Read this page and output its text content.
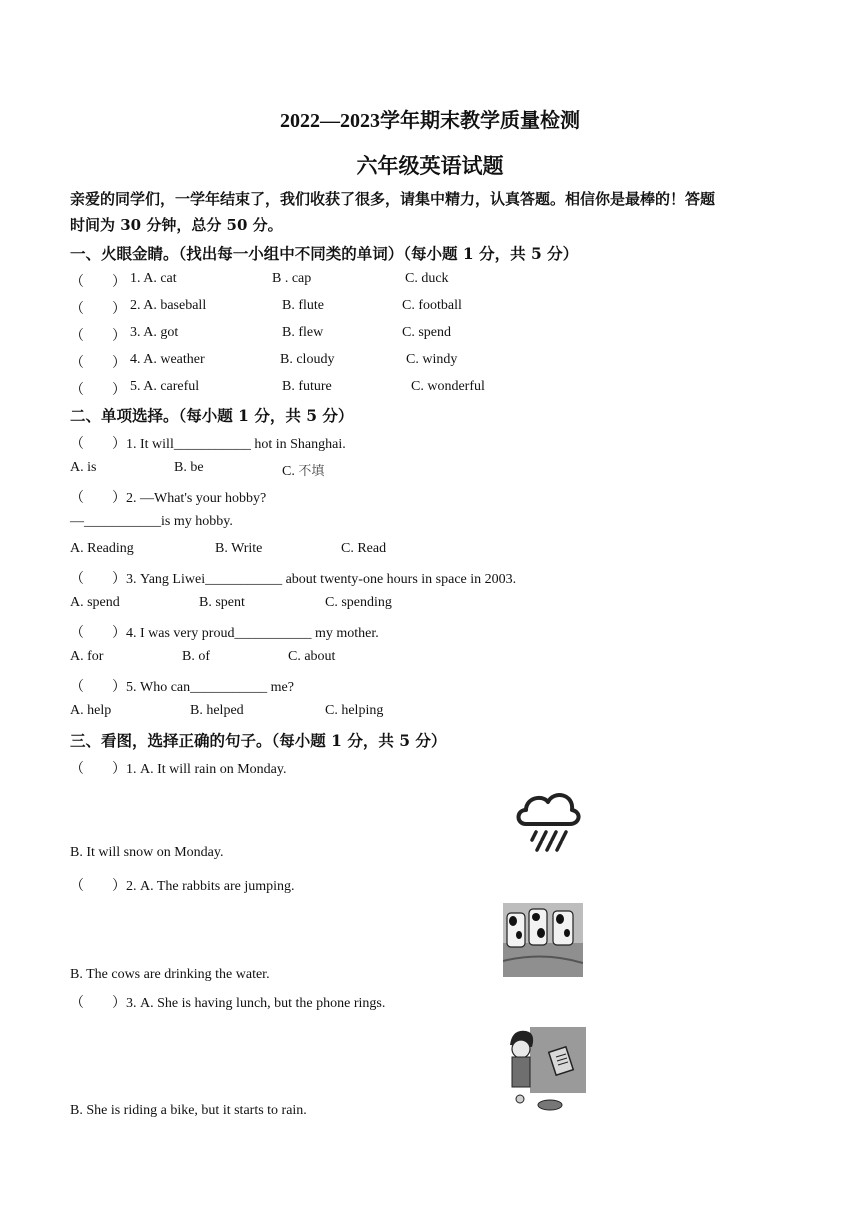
2022—2023学年期末教学质量检测
六年级英语试题
亲爱的同学们，一学年结束了，我们收获了很多，请集中精力，认真答题。相信你是最棒的！答题
时间为 30 分钟，总分 50 分。
一、火眼金睛。（找出每一小组中不同类的单词）（每小题 1 分，共 5 分）
（　　） 1. A. cat	B . cap	C. duck
（　　） 2. A. baseball	B. flute	C. football
（　　） 3. A. got	B. flew	C. spend
（　　） 4. A. weather	B. cloudy	C. windy
（　　） 5. A. careful	B. future	C. wonderful
二、单项选择。（每小题 1 分，共 5 分）
（　　）1. It will___________ hot in Shanghai.
A. is	B. be	C. 不填
（　　）2. —What's your hobby?
—___________is my hobby.
A. Reading	B. Write	C. Read
（　　）3. Yang Liwei___________ about twenty-one hours in space in 2003.
A. spend	B. spent	C. spending
（　　）4. I was very proud___________ my mother.
A. for	B. of	C. about
（　　）5. Who can___________ me?
A. help	B. helped	C. helping
三、看图，选择正确的句子。（每小题 1 分，共 5 分）
（　　）1. A. It will rain on Monday.
B. It will snow on Monday.
（　　）2. A. The rabbits are jumping.
B. The cows are drinking the water.
（　　）3. A. She is having lunch, but the phone rings.
B. She is riding a bike, but it starts to rain.
